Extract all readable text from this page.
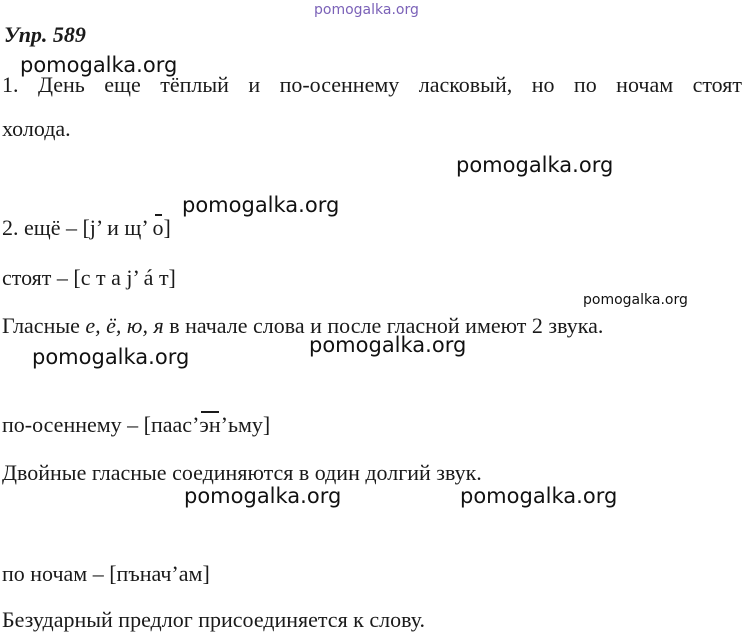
pomogalka.org
Упр. 589
pomogalka.org
1. День еще тёплый и по-осеннему ласковый, но по ночам стоят
холода.
pomogalka.org
pomogalka.org
2. ещё – [j’ и щ’ о]
стоят – [с т а j’ á т]
pomogalka.org
Гласные е, ё, ю, я в начале слова и после гласной имеют 2 звука.
pomogalka.org
pomogalka.org
по-осеннему – [паас’эн’ьму]
Двойные гласные соединяются в один долгий звук.
pomogalka.org	pomogalka.org
по ночам – [пънач’ам]
Безударный предлог присоединяется к слову.
